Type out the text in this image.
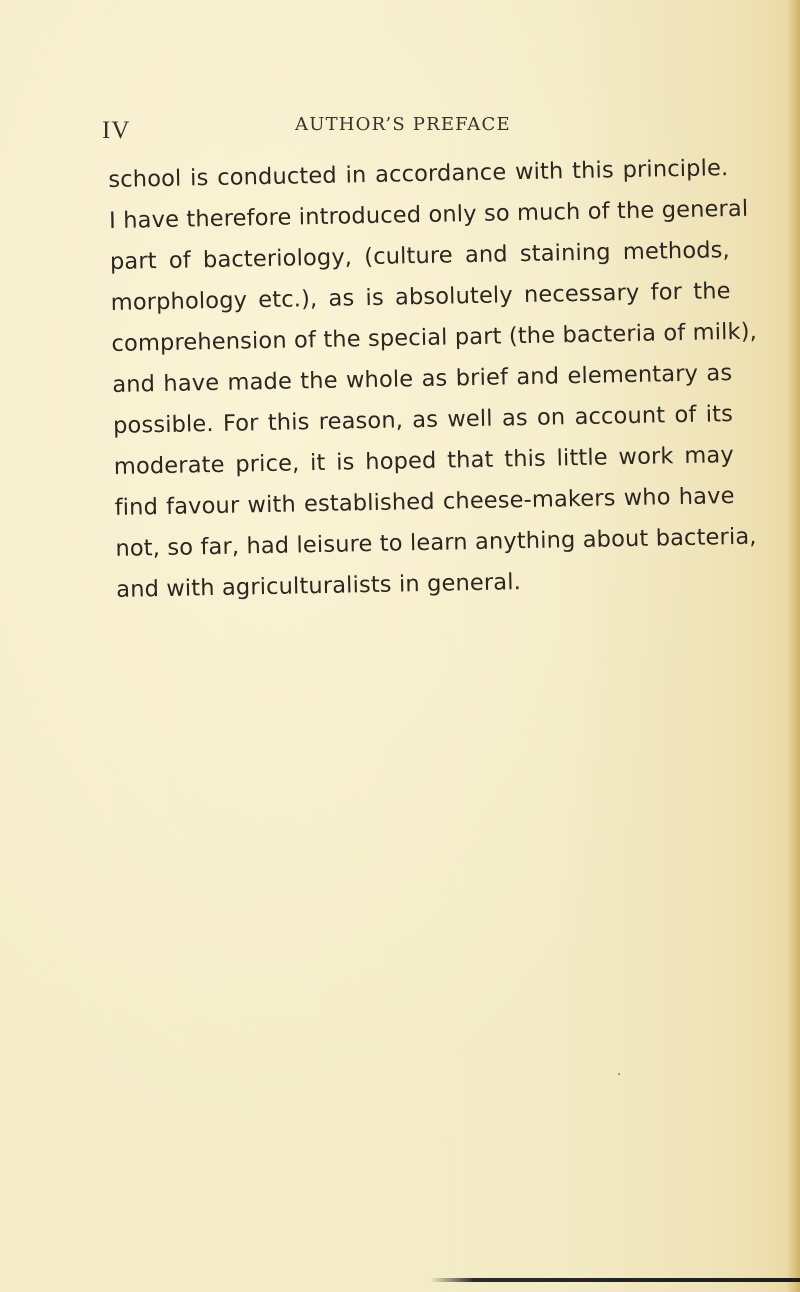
IV	AUTHOR’S PREFACE

school is conducted in accordance with this principle.
I have therefore introduced only so much of the general
part of bacteriology, (culture and staining methods,
morphology etc.), as is absolutely necessary for the
comprehension of the special part (the bacteria of milk),
and have made the whole as brief and elementary as
possible. For this reason, as well as on account of its
moderate price, it is hoped that this little work may
find favour with established cheese-makers who have
not, so far, had leisure to learn anything about bacteria,
and with agriculturalists in general.
